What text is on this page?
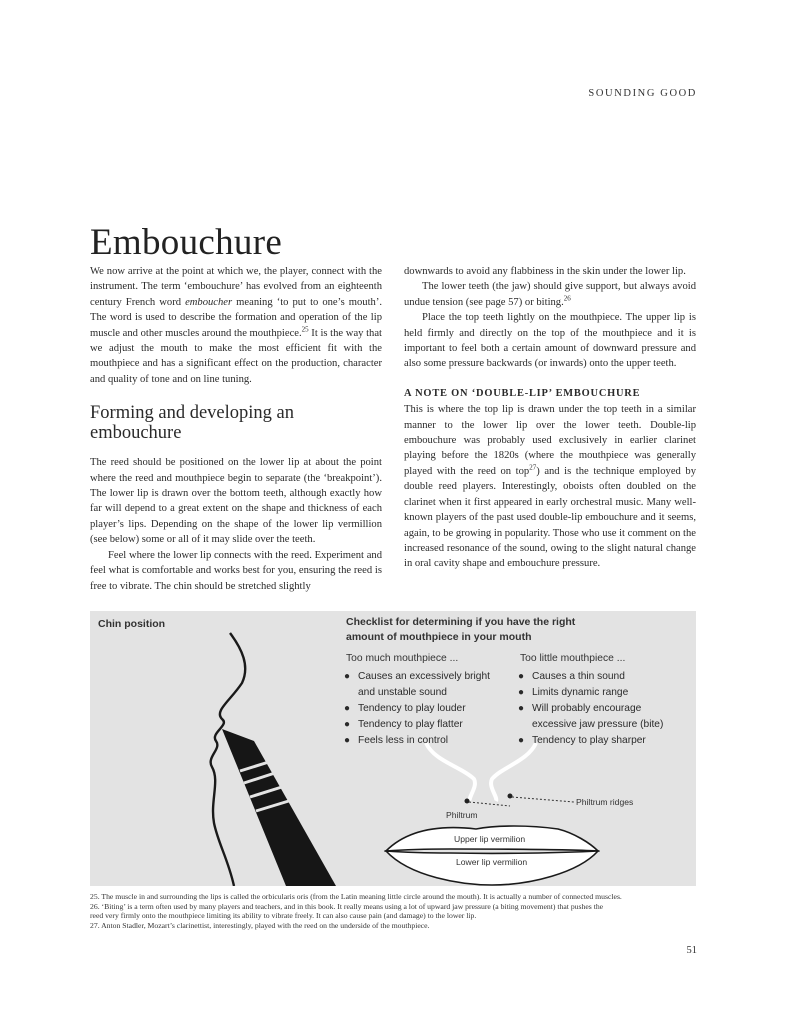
SOUNDING GOOD
Embouchure

We now arrive at the point at which we, the player, connect with the instrument. The term ‘embouchure’ has evolved from an eighteenth century French word emboucher meaning ‘to put to one’s mouth’. The word is used to describe the formation and operation of the lip muscle and other muscles around the mouthpiece.$^{25}$ It is the way that we adjust the mouth to make the most efficient fit with the mouthpiece and has a significant effect on the production, character and quality of tone and on line tuning.

Forming and developing an embouchure

The reed should be positioned on the lower lip at about the point where the reed and mouthpiece begin to separate (the ‘breakpoint’). The lower lip is drawn over the bottom teeth, although exactly how far will depend to a great extent on the shape and thickness of each player’s lips. Depending on the shape of the lower lip vermillion (see below) some or all of it may slide over the teeth.

Feel where the lower lip connects with the reed. Experiment and feel what is comfortable and works best for you, ensuring the reed is free to vibrate. The chin should be stretched slightly

downwards to avoid any flabbiness in the skin under the lower lip.

The lower teeth (the jaw) should give support, but always avoid undue tension (see page 57) or biting.$^{26}$

Place the top teeth lightly on the mouthpiece. The upper lip is held firmly and directly on the top of the mouthpiece and it is important to feel both a certain amount of downward pressure and also some pressure backwards (or inwards) onto the upper teeth.

A NOTE ON ‘DOUBLE-LIP’ EMBOUCHURE

This is where the top lip is drawn under the top teeth in a similar manner to the lower lip over the lower teeth. Double-lip embouchure was probably used exclusively in earlier clarinet playing before the 1820s (where the mouthpiece was generally played with the reed on top$^{27}$) and is the technique employed by double reed players. Interestingly, oboists often doubled on the clarinet when it first appeared in early orchestral music. Many well-known players of the past used double-lip embouchure and it seems, again, to be growing in popularity. Those who use it comment on the increased resonance of the sound, owing to the slight natural change in oral cavity shape and embouchure pressure.

Chin position	Checklist for determining if you have the right
amount of mouthpiece in your mouth
Too much mouthpiece ...
● Causes an excessively bright
and unstable sound
● Tendency to play louder
● Tendency to play flatter
● Feels less in control
Too little mouthpiece ...
● Causes a thin sound
● Limits dynamic range
● Will probably encourage
excessive jaw pressure (bite)
● Tendency to play sharper
Philtrum ridges
Philtrum
Upper lip vermilion
Lower lip vermilion
25. The muscle in and surrounding the lips is called the orbicularis oris (from the Latin meaning little circle around the mouth). It is actually a number of connected muscles.
26. ‘Biting’ is a term often used by many players and teachers, and in this book. It really means using a lot of upward jaw pressure (a biting movement) that pushes the
reed very firmly onto the mouthpiece limiting its ability to vibrate freely. It can also cause pain (and damage) to the lower lip.
27. Anton Stadler, Mozart’s clarinettist, interestingly, played with the reed on the underside of the mouthpiece.
51
